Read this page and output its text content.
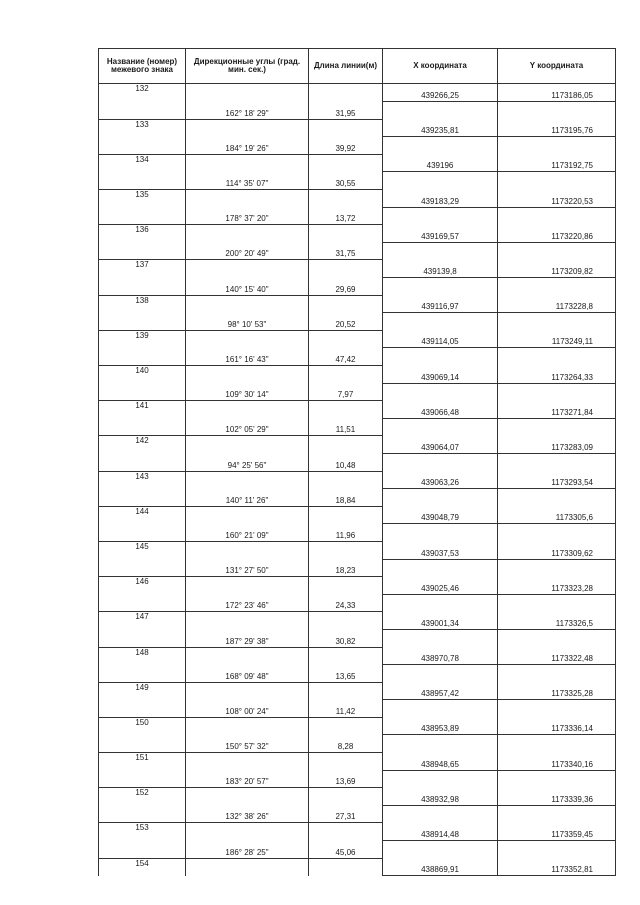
Название (номер) межевого знака	Дирекционные углы (град. мин. сек.)	Длина линии(м)	X координата	Y координата
132			439266,25	1173186,05
	162° 18' 29"	31,95		
133			439235,81	1173195,76
	184° 19' 26"	39,92		
134			439196	1173192,75
	114° 35' 07"	30,55		
135			439183,29	1173220,53
	178° 37' 20"	13,72		
136			439169,57	1173220,86
	200° 20' 49"	31,75		
137			439139,8	1173209,82
	140° 15' 40"	29,69		
138			439116,97	1173228,8
	98° 10' 53"	20,52		
139			439114,05	1173249,11
	161° 16' 43"	47,42		
140			439069,14	1173264,33
	109° 30' 14"	7,97		
141			439066,48	1173271,84
	102° 05' 29"	11,51		
142			439064,07	1173283,09
	94° 25' 56"	10,48		
143			439063,26	1173293,54
	140° 11' 26"	18,84		
144			439048,79	1173305,6
	160° 21' 09"	11,96		
145			439037,53	1173309,62
	131° 27' 50"	18,23		
146			439025,46	1173323,28
	172° 23' 46"	24,33		
147			439001,34	1173326,5
	187° 29' 38"	30,82		
148			438970,78	1173322,48
	168° 09' 48"	13,65		
149			438957,42	1173325,28
	108° 00' 24"	11,42		
150			438953,89	1173336,14
	150° 57' 32"	8,28		
151			438948,65	1173340,16
	183° 20' 57"	13,69		
152			438932,98	1173339,36
	132° 38' 26"	27,31		
153			438914,48	1173359,45
	186° 28' 25"	45,06		
154			438869,91	1173352,81
